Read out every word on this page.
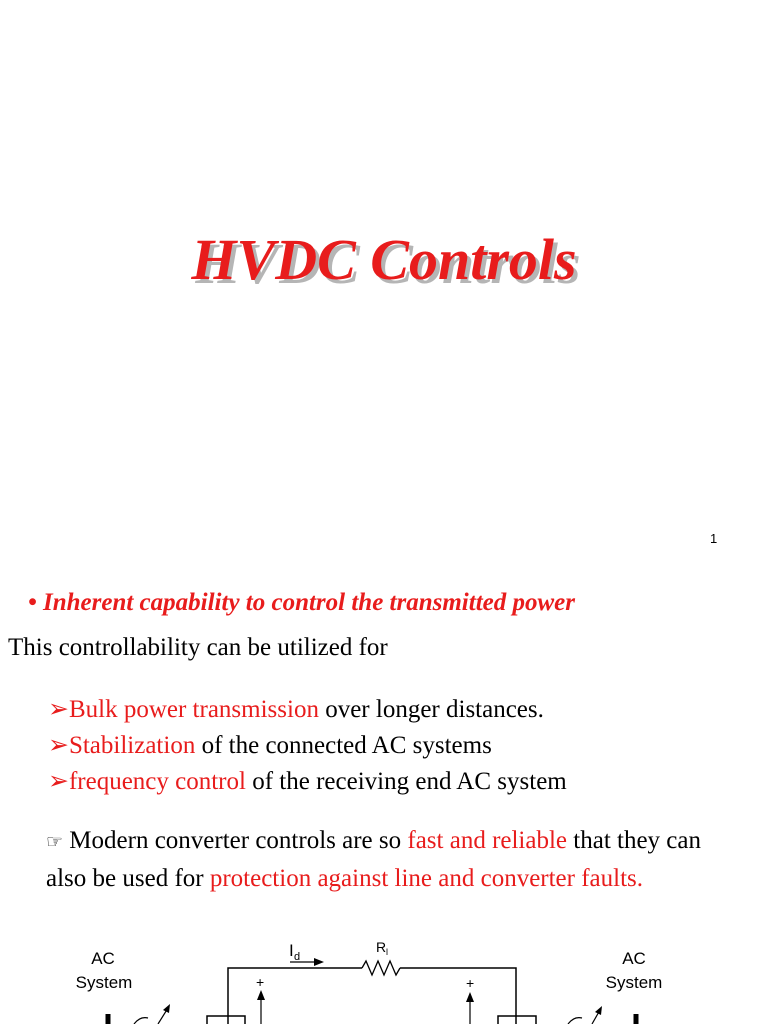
HVDC Controls
1
• Inherent capability to control the transmitted power
This controllability can be utilized for
➢Bulk power transmission over longer distances.
➢Stabilization of the connected AC systems
➢frequency control of the receiving end AC system
☞ Modern converter controls are so fast and reliable that they can also be used for protection against line and converter faults.
AC
System
AC
System
I d
R l
+	+
